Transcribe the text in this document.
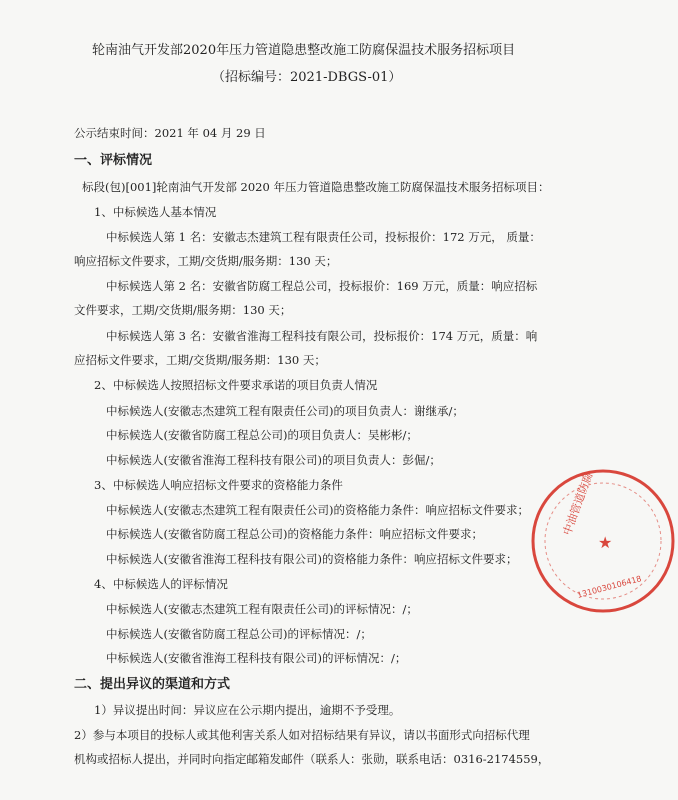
轮南油气开发部2020年压力管道隐患整改施工防腐保温技术服务招标项目
（招标编号：2021-DBGS-01）
公示结束时间：2021 年 04 月 29 日
一、评标情况
标段(包)[001]轮南油气开发部 2020 年压力管道隐患整改施工防腐保温技术服务招标项目：
1、中标候选人基本情况
中标候选人第 1 名：安徽志杰建筑工程有限责任公司，投标报价：172 万元， 质量：
响应招标文件要求，工期/交货期/服务期：130 天；
中标候选人第 2 名：安徽省防腐工程总公司，投标报价：169 万元，质量：响应招标
文件要求，工期/交货期/服务期：130 天；
中标候选人第 3 名：安徽省淮海工程科技有限公司，投标报价：174 万元，质量：响
应招标文件要求，工期/交货期/服务期：130 天；
2、中标候选人按照招标文件要求承诺的项目负责人情况
中标候选人(安徽志杰建筑工程有限责任公司)的项目负责人：谢继承/；
中标候选人(安徽省防腐工程总公司)的项目负责人：吴彬彬/；
中标候选人(安徽省淮海工程科技有限公司)的项目负责人：彭倔/；
3、中标候选人响应招标文件要求的资格能力条件
中标候选人(安徽志杰建筑工程有限责任公司)的资格能力条件：响应招标文件要求；
中标候选人(安徽省防腐工程总公司)的资格能力条件：响应招标文件要求；
中标候选人(安徽省淮海工程科技有限公司)的资格能力条件：响应招标文件要求；
4、中标候选人的评标情况
中标候选人(安徽志杰建筑工程有限责任公司)的评标情况：/；
中标候选人(安徽省防腐工程总公司)的评标情况：/；
中标候选人(安徽省淮海工程科技有限公司)的评标情况：/；
二、提出异议的渠道和方式
1）异议提出时间：异议应在公示期内提出，逾期不予受理。
2）参与本项目的投标人或其他利害关系人如对招标结果有异议，请以书面形式向招标代理
机构或招标人提出，并同时向指定邮箱发邮件（联系人：张勋，联系电话：0316-2174559，
中油管道防腐
★
1310030106418
